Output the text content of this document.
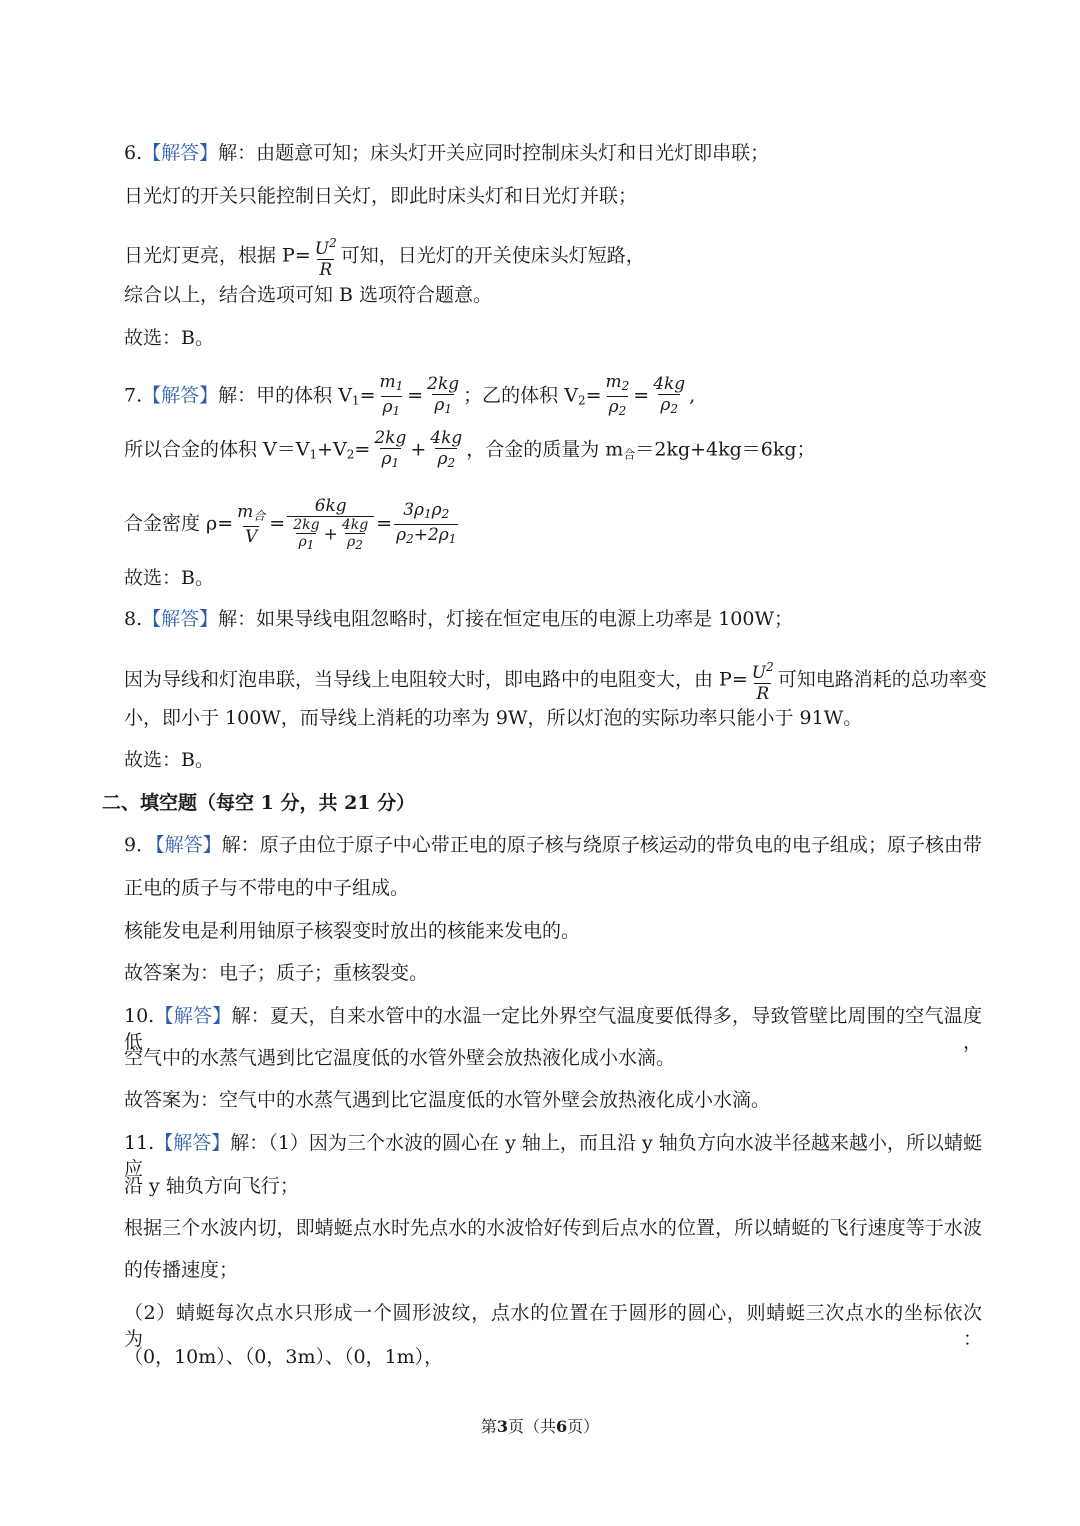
6.【解答】解：由题意可知；床头灯开关应同时控制床头灯和日光灯即串联；
日光灯的开关只能控制日关灯，即此时床头灯和日光灯并联；
日光灯更亮，根据 $P= \frac{U^2}{R}$ 可知，日光灯的开关使床头灯短路，
综合以上，结合选项可知 B 选项符合题意。
故选：B。
7.【解答】解：甲的体积 $V_1= \frac{m_1}{\rho_1} = \frac{2kg}{\rho_1}$ ；乙的体积 $V_2= \frac{m_2}{\rho_2} = \frac{4kg}{\rho_2}$ ,
所以合金的体积 $V=V_1+V_2= \frac{2kg}{\rho_1} + \frac{4kg}{\rho_2}$ ，合金的质量为 $m_合=2kg+4kg=6kg$；
合金密度 $\rho= \frac{m_合}{V} = \frac{6kg}{\frac{2kg}{\rho_1} + \frac{4kg}{\rho_2}} = \frac{3\rho_1\rho_2}{\rho_2+2\rho_1}$
故选：B。
8.【解答】解：如果导线电阻忽略时，灯接在恒定电压的电源上功率是 100W；
因为导线和灯泡串联，当导线上电阻较大时，即电路中的电阻变大，由 $P= \frac{U^2}{R}$ 可知电路消耗的总功率变
小，即小于 100W，而导线上消耗的功率为 9W，所以灯泡的实际功率只能小于 91W。
故选：B。
二、填空题（每空 1 分，共 21 分）
9．【解答】解：原子由位于原子中心带正电的原子核与绕原子核运动的带负电的电子组成；原子核由带
正电的质子与不带电的中子组成。
核能发电是利用铀原子核裂变时放出的核能来发电的。
故答案为：电子；质子；重核裂变。
10.【解答】解：夏天，自来水管中的水温一定比外界空气温度要低得多，导致管壁比周围的空气温度低，
空气中的水蒸气遇到比它温度低的水管外壁会放热液化成小水滴。
故答案为：空气中的水蒸气遇到比它温度低的水管外壁会放热液化成小水滴。
11.【解答】解：（1）因为三个水波的圆心在 y 轴上，而且沿 y 轴负方向水波半径越来越小，所以蜻蜓应
沿 y 轴负方向飞行；
根据三个水波内切，即蜻蜓点水时先点水的水波恰好传到后点水的位置，所以蜻蜓的飞行速度等于水波
的传播速度；
（2）蜻蜓每次点水只形成一个圆形波纹，点水的位置在于圆形的圆心，则蜻蜓三次点水的坐标依次为：
（0，10m）、（0，3m）、（0，1m），
第3页（共6页）
